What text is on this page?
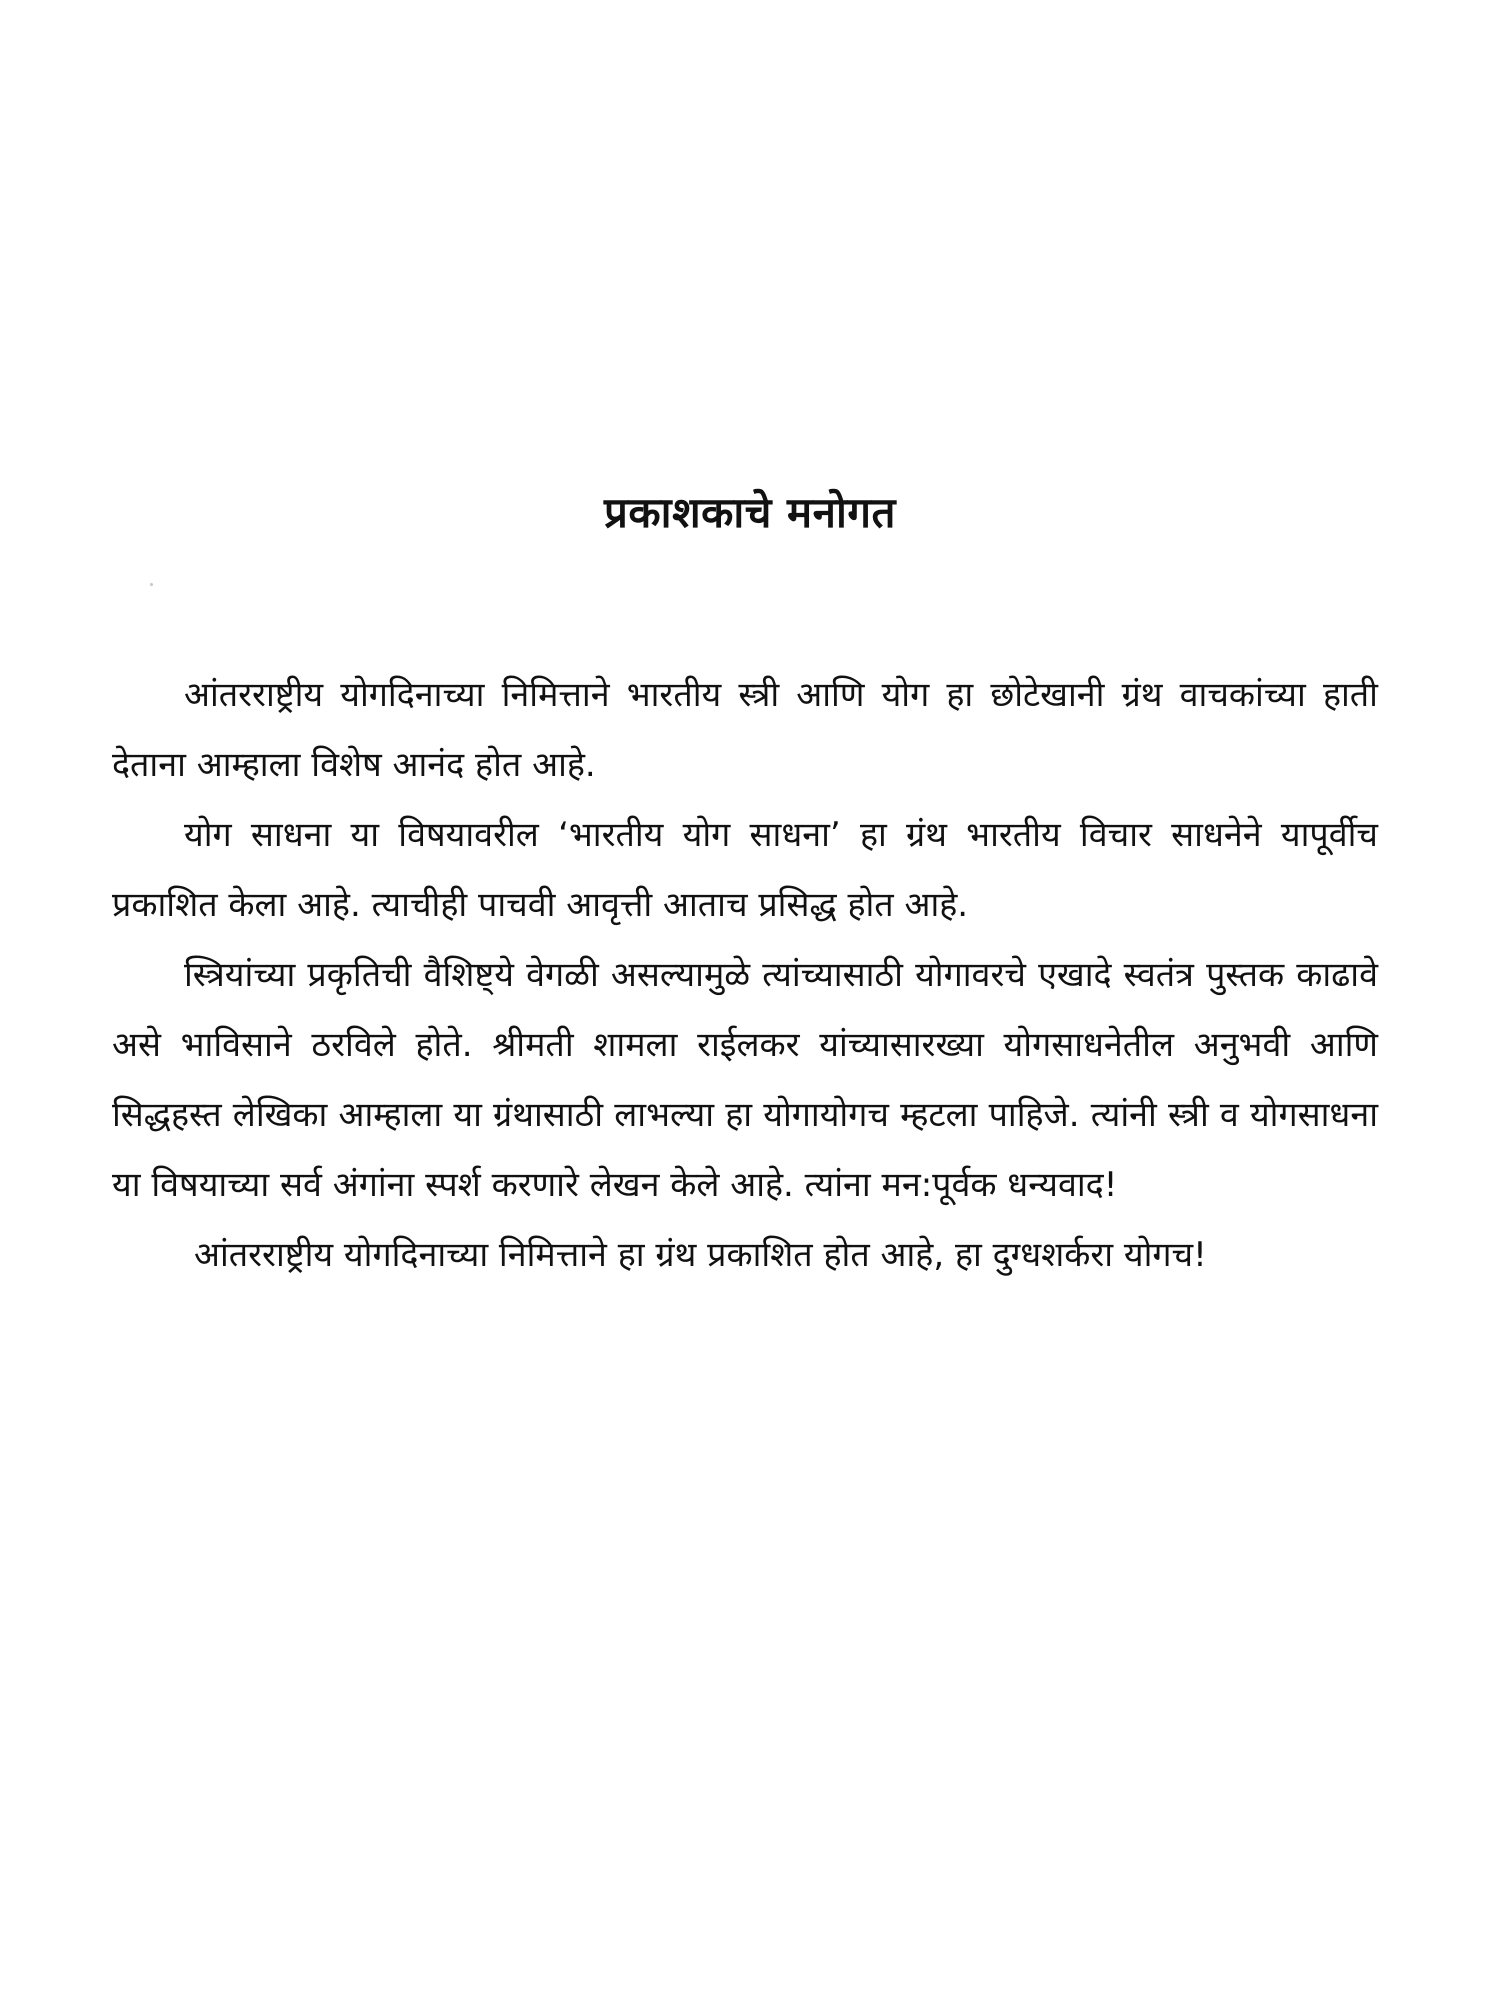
प्रकाशकाचे मनोगत

आंतरराष्ट्रीय योगदिनाच्या निमित्ताने भारतीय स्त्री आणि योग हा छोटेखानी ग्रंथ वाचकांच्या हाती देताना आम्हाला विशेष आनंद होत आहे.

योग साधना या विषयावरील ‘भारतीय योग साधना’ हा ग्रंथ भारतीय विचार साधनेने यापूर्वीच प्रकाशित केला आहे. त्याचीही पाचवी आवृत्ती आताच प्रसिद्ध होत आहे.

स्त्रियांच्या प्रकृतिची वैशिष्ट्ये वेगळी असल्यामुळे त्यांच्यासाठी योगावरचे एखादे स्वतंत्र पुस्तक काढावे असे भाविसाने ठरविले होते. श्रीमती शामला राईलकर यांच्यासारख्या योगसाधनेतील अनुभवी आणि सिद्धहस्त लेखिका आम्हाला या ग्रंथासाठी लाभल्या हा योगायोगच म्हटला पाहिजे. त्यांनी स्त्री व योगसाधना या विषयाच्या सर्व अंगांना स्पर्श करणारे लेखन केले आहे. त्यांना मन:पूर्वक धन्यवाद!

आंतरराष्ट्रीय योगदिनाच्या निमित्ताने हा ग्रंथ प्रकाशित होत आहे, हा दुग्धशर्करा योगच!
